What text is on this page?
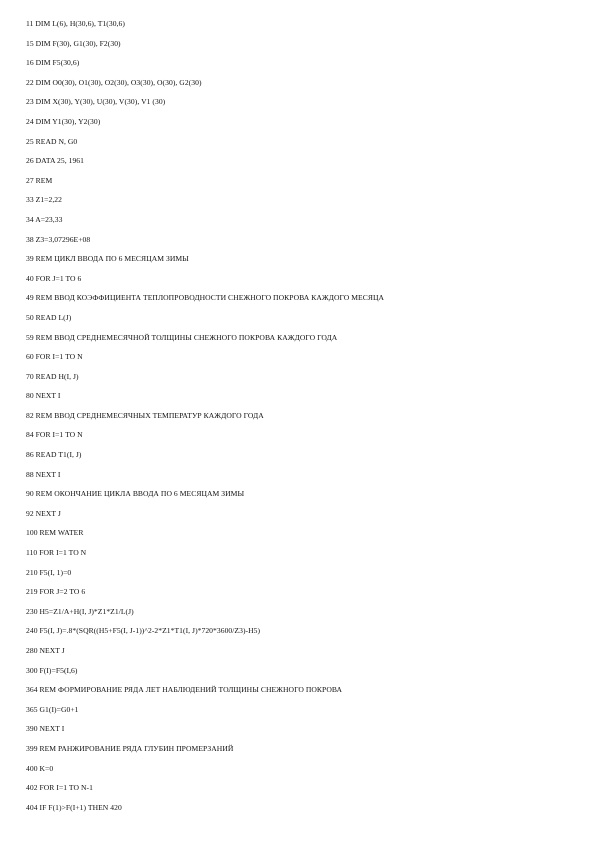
11 DIM L(6), H(30,6), T1(30,6)
15 DIM F(30), G1(30), F2(30)
16 DIM F5(30,6)
22 DIM O0(30), O1(30), O2(30), O3(30), O(30), G2(30)
23 DIM X(30), Y(30), U(30), V(30), V1 (30)
24 DIM Y1(30), Y2(30)
25 READ N, G0
26 DATA 25, 1961
27 REM
33 Z1=2,22
34 A=23,33
38 Z3=3,07296E+08
39 REM ЦИКЛ ВВОДА ПО 6 МЕСЯЦАМ ЗИМЫ
40 FOR J=1 TO 6
49 REM ВВОД КОЭФФИЦИЕНТА ТЕПЛОПРОВОДНОСТИ СНЕЖНОГО ПОКРОВА КАЖДОГО МЕСЯЦА
50 READ L(J)
59 REM ВВОД СРЕДНЕМЕСЯЧНОЙ ТОЛЩИНЫ СНЕЖНОГО ПОКРОВА КАЖДОГО ГОДА
60 FOR I=1 TO N
70 READ H(I, J)
80 NEXT I
82 REM ВВОД СРЕДНЕМЕСЯЧНЫХ ТЕМПЕРАТУР КАЖДОГО ГОДА
84 FOR I=1 TO N
86 READ T1(I, J)
88 NEXT I
90 REM ОКОНЧАНИЕ ЦИКЛА ВВОДА ПО 6 МЕСЯЦАМ ЗИМЫ
92 NEXT J
100 REM WATER
110 FOR I=1 TO N
210 F5(I, 1)=0
219 FOR J=2 TO 6
230 H5=Z1/A+H(I, J)*Z1*Z1/L(J)
240 F5(I, J)=.8*(SQR((H5+F5(I, J-1))^2-2*Z1*T1(I, J)*720*3600/Z3)-H5)
280 NEXT J
300 F(I)=F5(I,6)
364 REM ФОРМИРОВАНИЕ РЯДА ЛЕТ НАБЛЮДЕНИЙ ТОЛЩИНЫ СНЕЖНОГО ПОКРОВА
365 G1(I)=G0+1
390 NEXT I
399 REM РАНЖИРОВАНИЕ РЯДА ГЛУБИН ПРОМЕРЗАНИЙ
400 K=0
402 FOR I=1 TO N-1
404 IF F(1)>F(I+1) THEN 420
